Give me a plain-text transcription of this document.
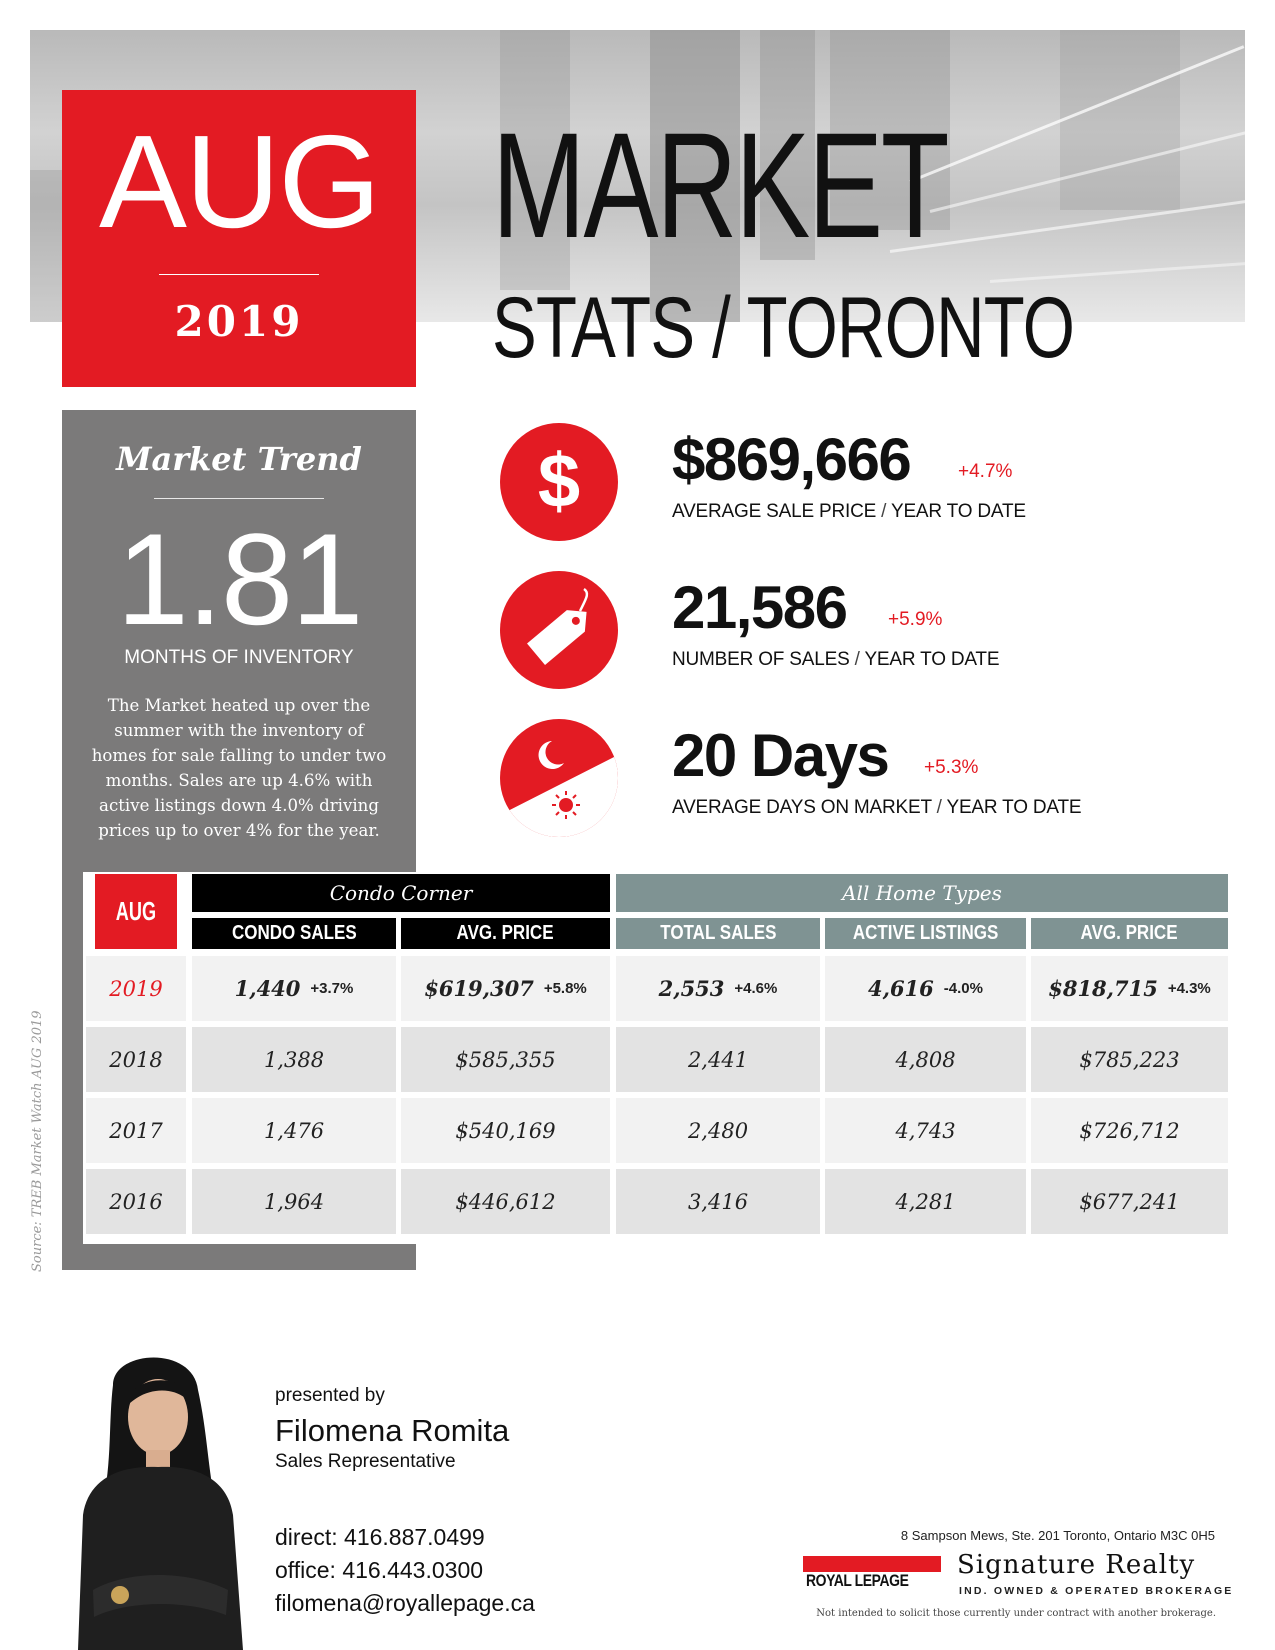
AUG
2019
MARKET
STATS / TORONTO
Market Trend
1.81
MONTHS OF INVENTORY
The Market heated up over the summer with the inventory of homes for sale falling to under two months. Sales are up 4.6% with active listings down 4.0% driving prices up to over 4% for the year.
$ $869,666	+4.7%
AVERAGE SALE PRICE / YEAR TO DATE
21,586 +5.9%
NUMBER OF SALES / YEAR TO DATE
20 Days +5.3%
AVERAGE DAYS ON MARKET / YEAR TO DATE
AUG
Condo Corner	All Home Types
CONDO SALES	AVG. PRICE	TOTAL SALES	ACTIVE LISTINGS	AVG. PRICE
2019	1,440 +3.7%	$619,307 +5.8%	2,553 +4.6%	4,616 -4.0%	$818,715 +4.3%
2018	1,388	$585,355	2,441	4,808	$785,223
2017	1,476	$540,169	2,480	4,743	$726,712
2016	1,964	$446,612	3,416	4,281	$677,241
Source: TREB Market Watch AUG 2019
presented by
Filomena Romita
Sales Representative
direct: 416.887.0499
office: 416.443.0300
filomena@royallepage.ca
8 Sampson Mews, Ste. 201 Toronto, Ontario M3C 0H5
ROYAL LEPAGE
Signature Realty
IND. OWNED & OPERATED BROKERAGE
Not intended to solicit those currently under contract with another brokerage.
